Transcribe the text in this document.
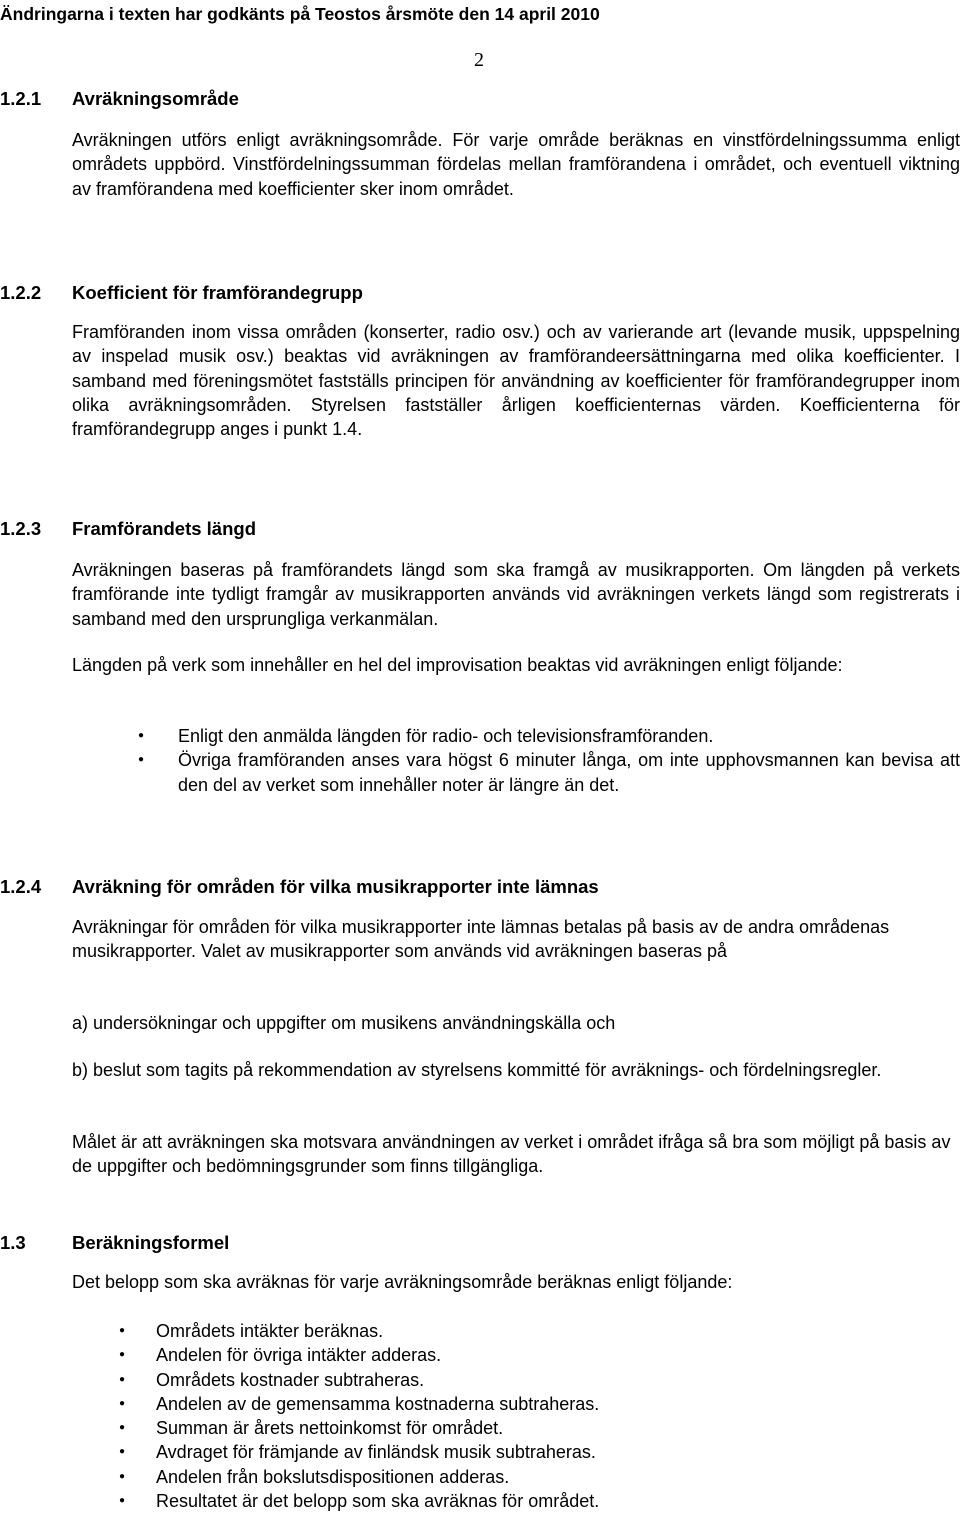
Ändringarna i texten har godkänts på Teostos årsmöte den 14 april 2010
2
1.2.1 Avräkningsområde
Avräkningen utförs enligt avräkningsområde. För varje område beräknas en vinstfördelningssumma enligt områdets uppbörd. Vinstfördelningssumman fördelas mellan framförandena i området, och eventuell viktning av framförandena med koefficienter sker inom området.
1.2.2 Koefficient för framförandegrupp
Framföranden inom vissa områden (konserter, radio osv.) och av varierande art (levande musik, uppspelning av inspelad musik osv.) beaktas vid avräkningen av framförandeersättningarna med olika koefficienter. I samband med föreningsmötet fastställs principen för användning av koefficienter för framförandegrupper inom olika avräkningsområden. Styrelsen fastställer årligen koefficienternas värden. Koefficienterna för framförandegrupp anges i punkt 1.4.
1.2.3 Framförandets längd
Avräkningen baseras på framförandets längd som ska framgå av musikrapporten. Om längden på verkets framförande inte tydligt framgår av musikrapporten används vid avräkningen verkets längd som registrerats i samband med den ursprungliga verkanmälan.
Längden på verk som innehåller en hel del improvisation beaktas vid avräkningen enligt följande:
● Enligt den anmälda längden för radio- och televisionsframföranden.
● Övriga framföranden anses vara högst 6 minuter långa, om inte upphovsmannen kan bevisa att den del av verket som innehåller noter är längre än det.
1.2.4 Avräkning för områden för vilka musikrapporter inte lämnas
Avräkningar för områden för vilka musikrapporter inte lämnas betalas på basis av de andra områdenas musikrapporter. Valet av musikrapporter som används vid avräkningen baseras på
a) undersökningar och uppgifter om musikens användningskälla och
b) beslut som tagits på rekommendation av styrelsens kommitté för avräknings- och fördelningsregler.
Målet är att avräkningen ska motsvara användningen av verket i området ifråga så bra som möjligt på basis av de uppgifter och bedömningsgrunder som finns tillgängliga.
1.3	Beräkningsformel
Det belopp som ska avräknas för varje avräkningsområde beräknas enligt följande:
● Områdets intäkter beräknas.
● Andelen för övriga intäkter adderas.
● Områdets kostnader subtraheras.
● Andelen av de gemensamma kostnaderna subtraheras.
● Summan är årets nettoinkomst för området.
● Avdraget för främjande av finländsk musik subtraheras.
● Andelen från bokslutsdispositionen adderas.
● Resultatet är det belopp som ska avräknas för området.
